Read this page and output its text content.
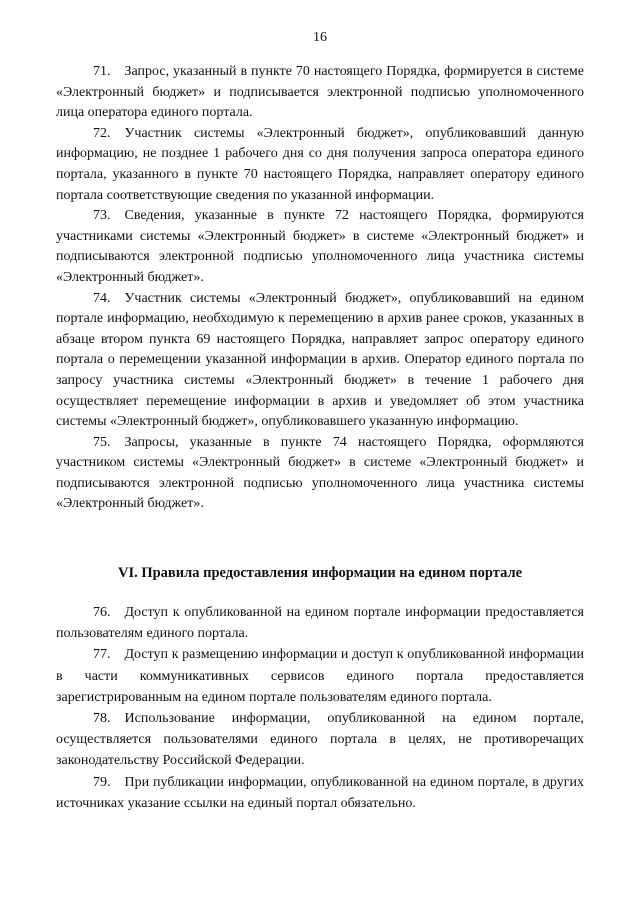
16

71. Запрос, указанный в пункте 70 настоящего Порядка, формируется в системе «Электронный бюджет» и подписывается электронной подписью уполномоченного лица оператора единого портала.

72. Участник системы «Электронный бюджет», опубликовавший данную информацию, не позднее 1 рабочего дня со дня получения запроса оператора единого портала, указанного в пункте 70 настоящего Порядка, направляет оператору единого портала соответствующие сведения по указанной информации.

73. Сведения, указанные в пункте 72 настоящего Порядка, формируются участниками системы «Электронный бюджет» в системе «Электронный бюджет» и подписываются электронной подписью уполномоченного лица участника системы «Электронный бюджет».

74. Участник системы «Электронный бюджет», опубликовавший на едином портале информацию, необходимую к перемещению в архив ранее сроков, указанных в абзаце втором пункта 69 настоящего Порядка, направляет запрос оператору единого портала о перемещении указанной информации в архив. Оператор единого портала по запросу участника системы «Электронный бюджет» в течение 1 рабочего дня осуществляет перемещение информации в архив и уведомляет об этом участника системы «Электронный бюджет», опубликовавшего указанную информацию.

75. Запросы, указанные в пункте 74 настоящего Порядка, оформляются участником системы «Электронный бюджет» в системе «Электронный бюджет» и подписываются электронной подписью уполномоченного лица участника системы «Электронный бюджет».

VI. Правила предоставления информации на едином портале

76. Доступ к опубликованной на едином портале информации предоставляется пользователям единого портала.

77. Доступ к размещению информации и доступ к опубликованной информации в части коммуникативных сервисов единого портала предоставляется зарегистрированным на едином портале пользователям единого портала.

78. Использование информации, опубликованной на едином портале, осуществляется пользователями единого портала в целях, не противоречащих законодательству Российской Федерации.

79. При публикации информации, опубликованной на едином портале, в других источниках указание ссылки на единый портал обязательно.
